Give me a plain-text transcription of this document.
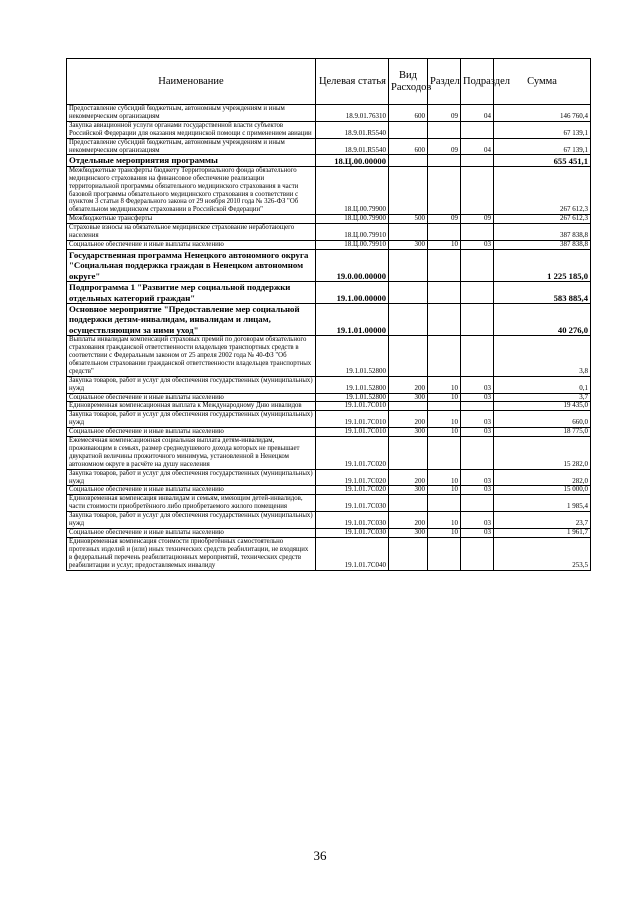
Наименование	Целевая статья	Вид Расходов	Раздел	Подраздел	Сумма
Предоставление субсидий бюджетным, автономным учреждениям и иным некоммерческим организациям	18.9.01.76310	600	09	04	146 760,4
Закупка авиационной услуги органами государственной власти субъектов Российской Федерации для оказания медицинской помощи с применением авиации	18.9.01.R5540				67 139,1
Предоставление субсидий бюджетным, автономным учреждениям и иным некоммерческим организациям	18.9.01.R5540	600	09	04	67 139,1
Отдельные мероприятия программы	18.Ц.00.00000				655 451,1
Межбюджетные трансферты бюджету Территориального фонда обязательного медицинского страхования на финансовое обеспечение реализации территориальной программы обязательного медицинского страхования в части базовой программы обязательного медицинского страхования в соответствии с пунктом 3 статьи 8 Федерального закона от 29 ноября 2010 года № 326-ФЗ "Об обязательном медицинском страховании в Российской Федерации"	18.Ц.00.79900				267 612,3
Межбюджетные трансферты	18.Ц.00.79900	500	09	09	267 612,3
Страховые взносы на обязательное медицинское страхование неработающего населения	18.Ц.00.79910				387 838,8
Социальное обеспечение и иные выплаты населению	18.Ц.00.79910	300	10	03	387 838,8
Государственная программа Ненецкого автономного округа "Социальная поддержка граждан в Ненецком автономном округе"	19.0.00.00000				1 225 185,0
Подпрограмма 1 "Развитие мер социальной поддержки отдельных категорий граждан"	19.1.00.00000				583 885,4
Основное мероприятие "Предоставление мер социальной поддержки детям-инвалидам, инвалидам и лицам, осуществляющим за ними уход"	19.1.01.00000				40 276,0
Выплаты инвалидам компенсаций страховых премий по договорам обязательного страхования гражданской ответственности владельцев транспортных средств в соответствии с Федеральным законом от 25 апреля 2002 года № 40-ФЗ "Об обязательном страховании гражданской ответственности владельцев транспортных средств"	19.1.01.52800				3,8
Закупка товаров, работ и услуг для обеспечения государственных (муниципальных) нужд	19.1.01.52800	200	10	03	0,1
Социальное обеспечение и иные выплаты населению	19.1.01.52800	300	10	03	3,7
Единовременная компенсационная выплата к Международному Дню инвалидов	19.1.01.7С010				19 435,0
Закупка товаров, работ и услуг для обеспечения государственных (муниципальных) нужд	19.1.01.7С010	200	10	03	660,0
Социальное обеспечение и иные выплаты населению	19.1.01.7С010	300	10	03	18 775,0
Ежемесячная компенсационная социальная выплата детям-инвалидам, проживающим в семьях, размер среднедушевого дохода которых не превышает двукратной величины прожиточного минимума, установленной в Ненецком автономном округе в расчёте на душу населения	19.1.01.7С020				15 282,0
Закупка товаров, работ и услуг для обеспечения государственных (муниципальных) нужд	19.1.01.7С020	200	10	03	282,0
Социальное обеспечение и иные выплаты населению	19.1.01.7С020	300	10	03	15 000,0
Единовременная компенсация инвалидам и семьям, имеющим детей-инвалидов, части стоимости приобретённого либо приобретаемого жилого помещения	19.1.01.7С030				1 985,4
Закупка товаров, работ и услуг для обеспечения государственных (муниципальных) нужд	19.1.01.7С030	200	10	03	23,7
Социальное обеспечение и иные выплаты населению	19.1.01.7С030	300	10	03	1 961,7
Единовременная компенсация стоимости приобретённых самостоятельно протезных изделий и (или) иных технических средств реабилитации, не входящих в федеральный перечень реабилитационных мероприятий, технических средств реабилитации и услуг, предоставляемых инвалиду	19.1.01.7С040				253,5
36
